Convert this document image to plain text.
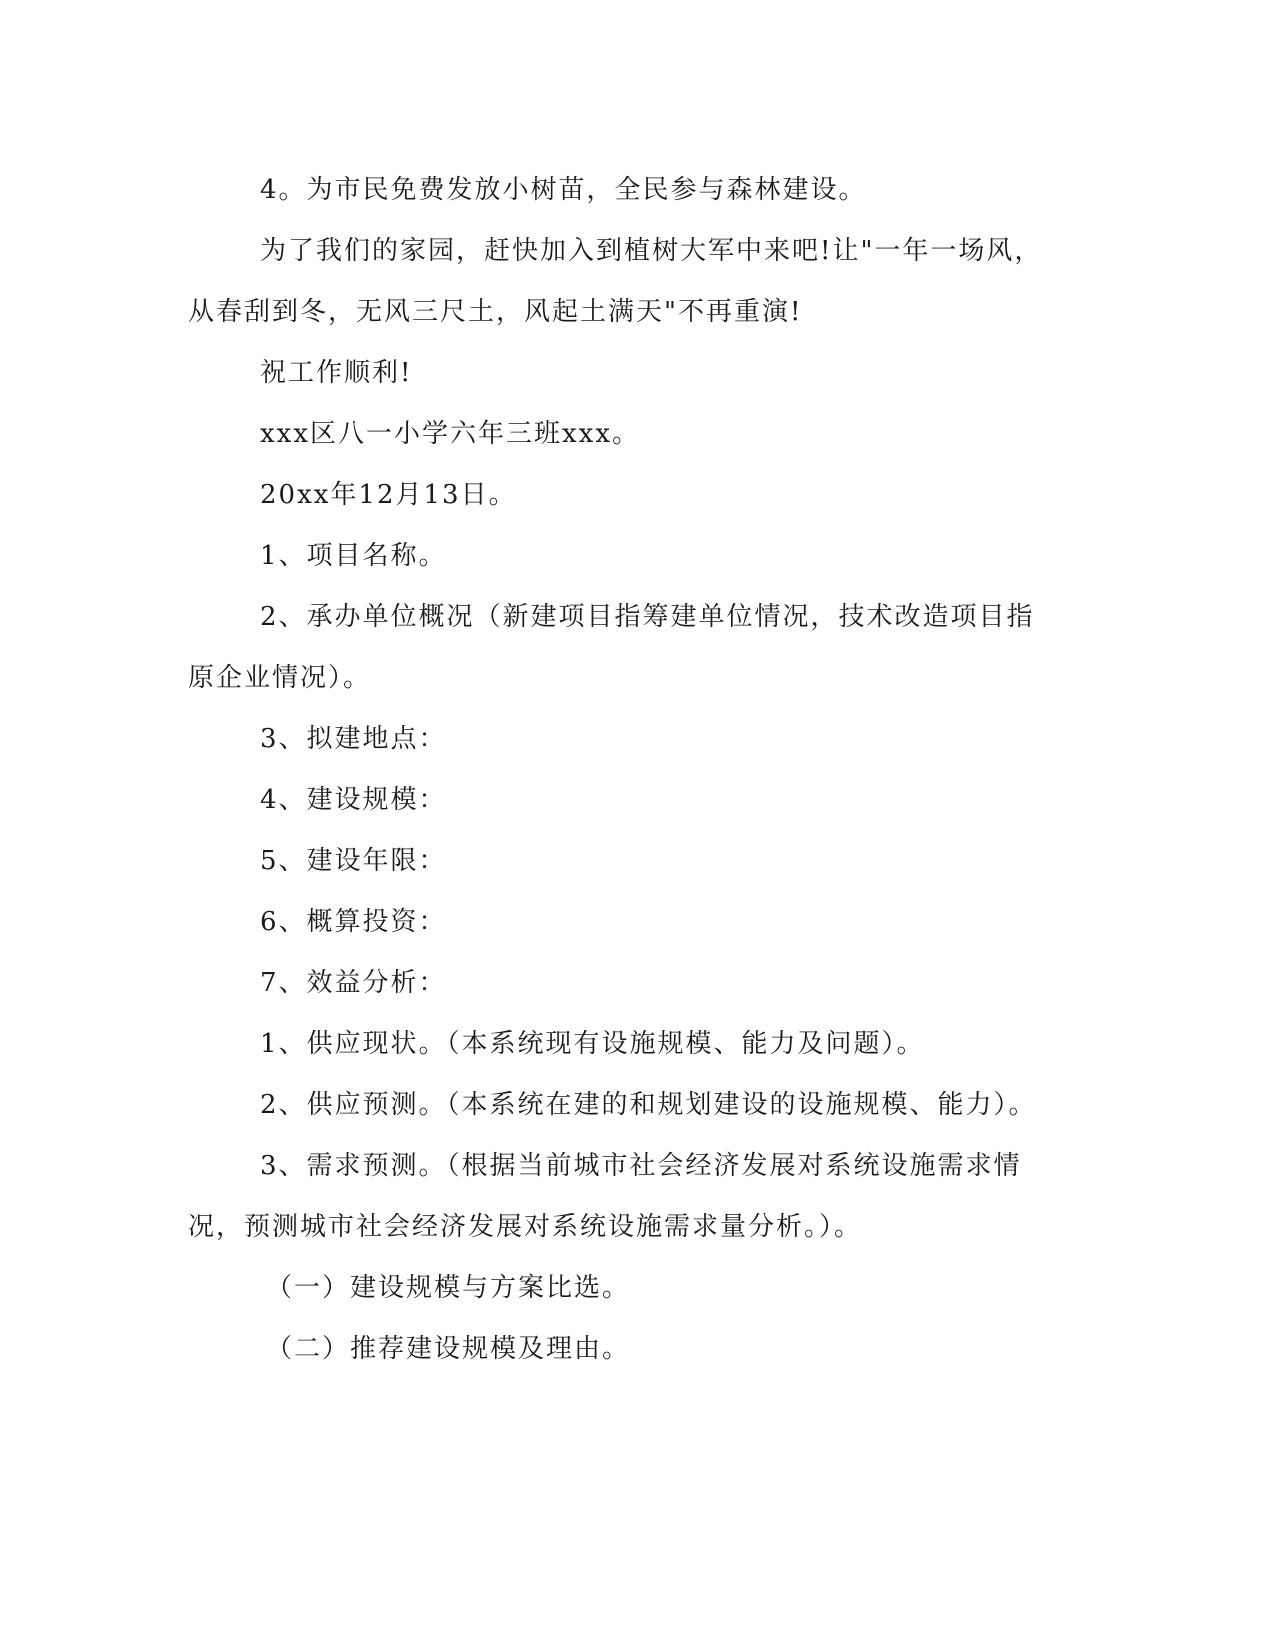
4。为市民免费发放小树苗，全民参与森林建设。

为了我们的家园，赶快加入到植树大军中来吧!让"一年一场风，从春刮到冬，无风三尺土，风起土满天"不再重演!

祝工作顺利!

xxx区八一小学六年三班xxx。

20xx年12月13日。

1、项目名称。

2、承办单位概况（新建项目指筹建单位情况，技术改造项目指原企业情况）。

3、拟建地点：

4、建设规模：

5、建设年限：

6、概算投资：

7、效益分析：

1、供应现状。（本系统现有设施规模、能力及问题）。

2、供应预测。（本系统在建的和规划建设的设施规模、能力）。

3、需求预测。（根据当前城市社会经济发展对系统设施需求情况，预测城市社会经济发展对系统设施需求量分析。）。

（一）建设规模与方案比选。

（二）推荐建设规模及理由。
